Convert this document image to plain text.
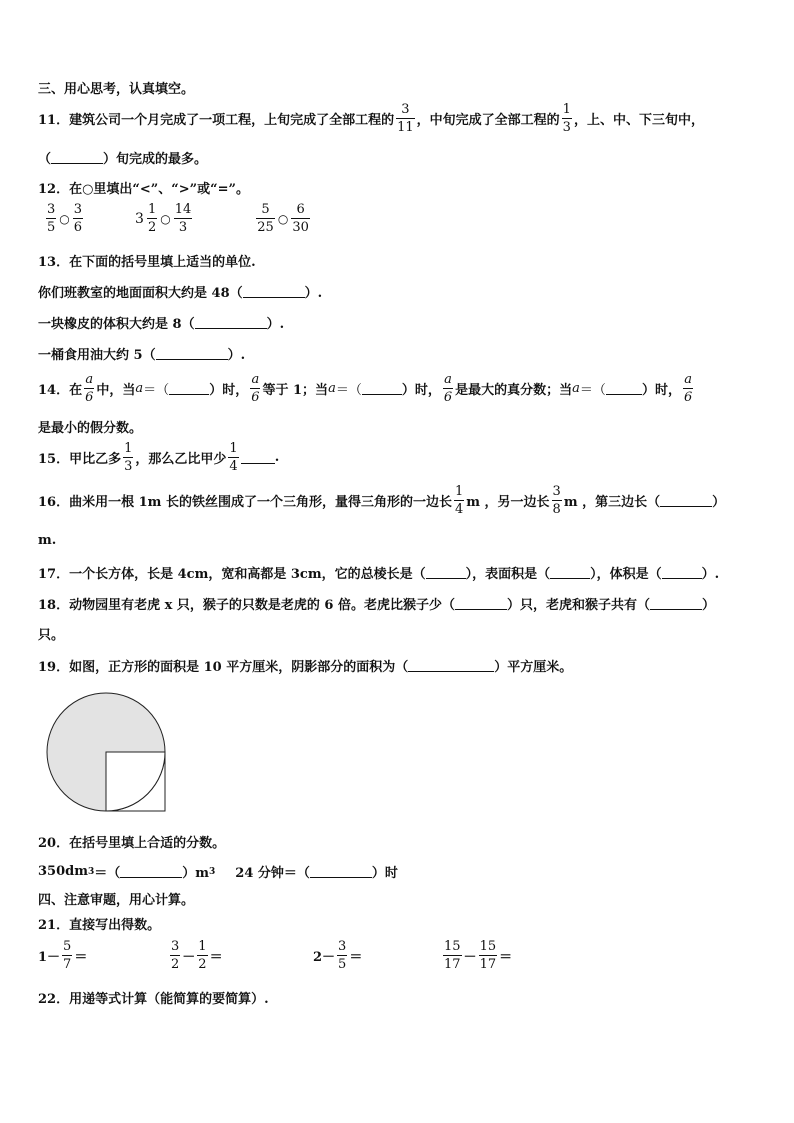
三、用心思考，认真填空。
11． 建筑公司一个月完成了一项工程，上旬完成了全部工程的 $\frac{3}{11}$ ，中旬完成了全部工程的 $\frac{1}{3}$ ，上、中、下三旬中，
（	）旬完成的最多。
12． 在○里填出“<”、“>”或“=”。
$\frac{3}{5}$ ○ $\frac{3}{6}$	$3 \frac{1}{2}$ ○ $\frac{14}{3}$	$\frac{5}{25}$ ○ $\frac{6}{30}$
13． 在下面的括号里填上适当的单位.
你们班教室的地面面积大约是 48（	）.
一块橡皮的体积大约是 8（	）.
一桶食用油大约 5（	）.
14． 在 $\frac{a}{6}$ 中，当 a ＝（	）时， $\frac{a}{6}$ 等于 1；当 a ＝（	）时， $\frac{a}{6}$ 是最大的真分数；当 a ＝（	）时， $\frac{a}{6}$
是最小的假分数。
15． 甲比乙多 $\frac{1}{3}$ ，那么乙比甲少 $\frac{1}{4}$	.
16． 曲米用一根 1m 长的铁丝围成了一个三角形，量得三角形的一边长 $\frac{1}{4}$ m ，另一边长 $\frac{3}{8}$ m ，第三边长（	）
m.
17． 一个长方体，长是 4cm，宽和高都是 3cm，它的总棱长是（	），表面积是（	），体积是（	）.
18． 动物园里有老虎 x 只，猴子的只数是老虎的 6 倍。老虎比猴子少（	）只，老虎和猴子共有（	）
只。
19． 如图，正方形的面积是 10 平方厘米，阴影部分的面积为（	）平方厘米。
20． 在括号里填上合适的分数。
350dm 3 ＝（	）m 3 24 分钟＝（	）时
四、注意审题，用心计算。
21． 直接写出得数。
$1- \frac{5}{7}$ ＝	$\frac{3}{2} - \frac{1}{2}$ ＝	$2- \frac{3}{5}$ ＝	$\frac{15}{17} - \frac{15}{17}$ ＝
22． 用递等式计算（能简算的要简算）.
